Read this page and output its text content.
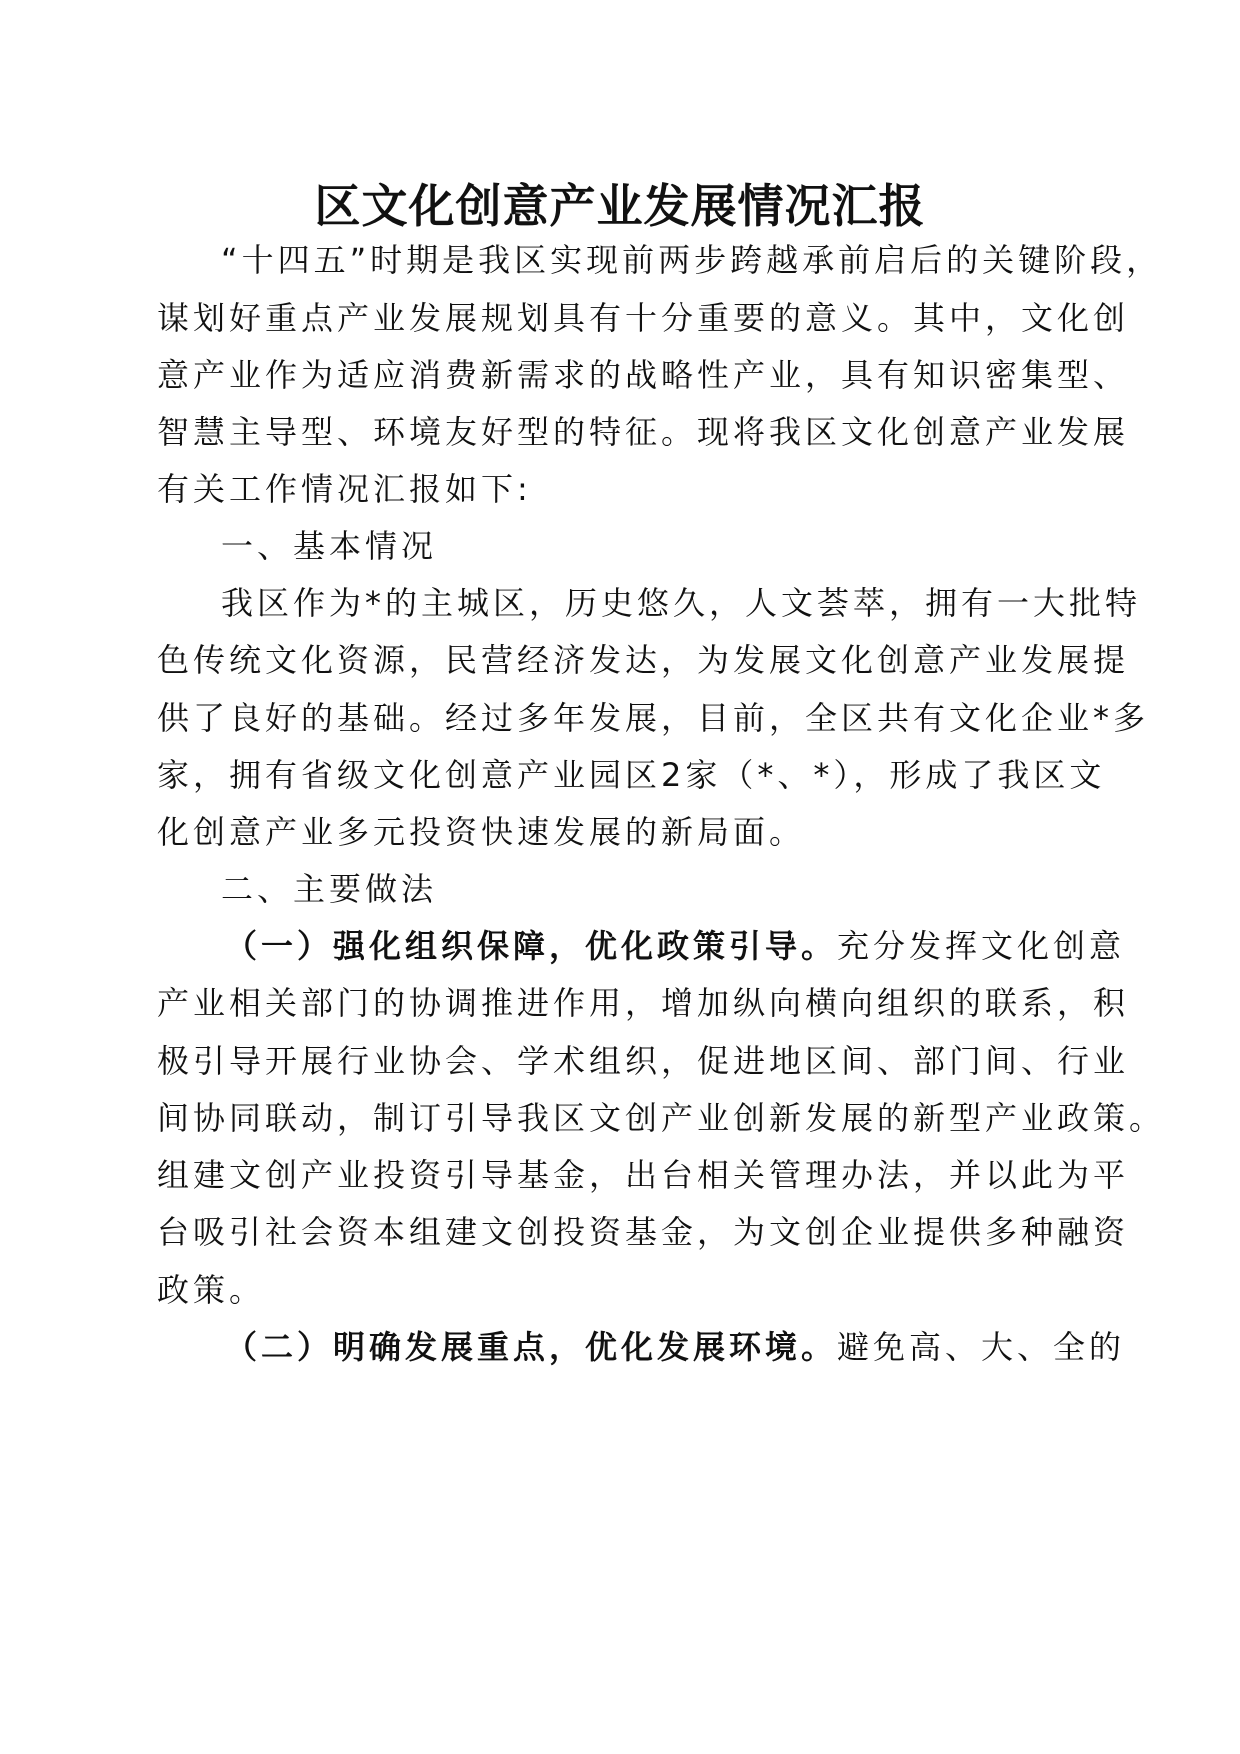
区文化创意产业发展情况汇报
“十四五”时期是我区实现前两步跨越承前启后的关键阶段，
谋划好重点产业发展规划具有十分重要的意义。其中，文化创
意产业作为适应消费新需求的战略性产业，具有知识密集型、
智慧主导型、环境友好型的特征。现将我区文化创意产业发展
有关工作情况汇报如下:
一、基本情况
我区作为*的主城区，历史悠久，人文荟萃，拥有一大批特
色传统文化资源，民营经济发达，为发展文化创意产业发展提
供了良好的基础。经过多年发展，目前，全区共有文化企业*多
家，拥有省级文化创意产业园区2家（*、*），形成了我区文
化创意产业多元投资快速发展的新局面。
二、主要做法
（一）强化组织保障，优化政策引导。充分发挥文化创意
产业相关部门的协调推进作用，增加纵向横向组织的联系，积
极引导开展行业协会、学术组织，促进地区间、部门间、行业
间协同联动，制订引导我区文创产业创新发展的新型产业政策。
组建文创产业投资引导基金，出台相关管理办法，并以此为平
台吸引社会资本组建文创投资基金，为文创企业提供多种融资
政策。
（二）明确发展重点，优化发展环境。避免高、大、全的
